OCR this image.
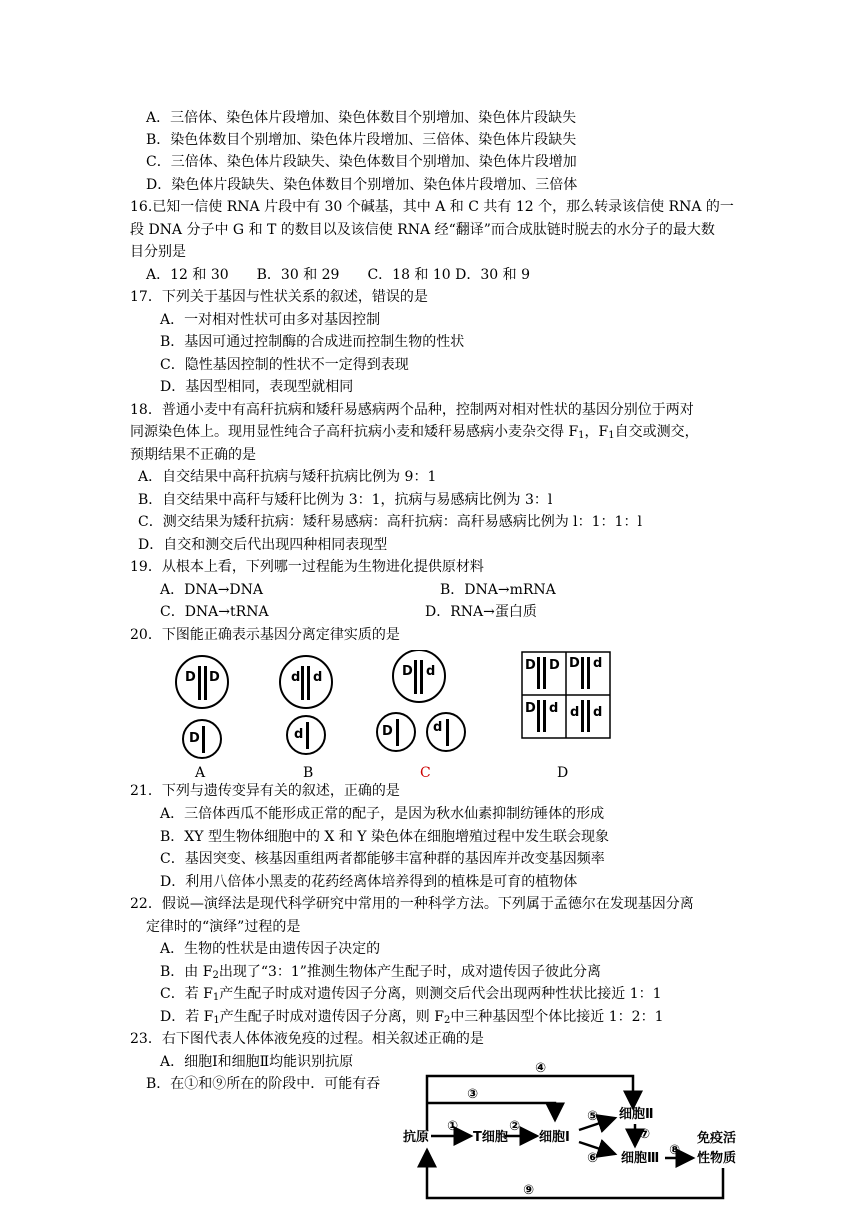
A．三倍体、染色体片段增加、染色体数目个别增加、染色体片段缺失
B．染色体数目个别增加、染色体片段增加、三倍体、染色体片段缺失
C．三倍体、染色体片段缺失、染色体数目个别增加、染色体片段增加
D．染色体片段缺失、染色体数目个别增加、染色体片段增加、三倍体
16.已知一信使 RNA 片段中有 30 个碱基，其中 A 和 C 共有 12 个，那么转录该信使 RNA 的一
段 DNA 分子中 G 和 T 的数目以及该信使 RNA 经“翻译”而合成肽链时脱去的水分子的最大数
目分别是
A．12 和 30　　B．30 和 29　　C．18 和 10 D．30 和 9
17．下列关于基因与性状关系的叙述，错误的是
A．一对相对性状可由多对基因控制
B．基因可通过控制酶的合成进而控制生物的性状
C．隐性基因控制的性状不一定得到表现
D．基因型相同，表现型就相同
18．普通小麦中有高秆抗病和矮秆易感病两个品种，控制两对相对性状的基因分别位于两对
同源染色体上。现用显性纯合子高秆抗病小麦和矮秆易感病小麦杂交得 $F_1$，$F_1$自交或测交，
预期结果不正确的是
A．自交结果中高秆抗病与矮秆抗病比例为 9：1
B．自交结果中高秆与矮秆比例为 3：1，抗病与易感病比例为 3：l
C．测交结果为矮秆抗病：矮秆易感病：高秆抗病：高秆易感病比例为 l：1：1：l
D．自交和测交后代出现四种相同表现型
19．从根本上看，下列哪一过程能为生物进化提供原材料
A．DNA→DNA	B．DNA→mRNA
C．DNA→tRNA	D．RNA→蛋白质
20．下图能正确表示基因分离定律实质的是
D D
D
d d
d
D d
D	d
D D D d
D d d d
A	B	C	D
21．下列与遗传变异有关的叙述，正确的是
A．三倍体西瓜不能形成正常的配子，是因为秋水仙素抑制纺锤体的形成
B．XY 型生物体细胞中的 X 和 Y 染色体在细胞增殖过程中发生联会现象
C．基因突变、核基因重组两者都能够丰富种群的基因库并改变基因频率
D．利用八倍体小黑麦的花药经离体培养得到的植株是可育的植物体
22．假说—演绎法是现代科学研究中常用的一种科学方法。下列属于孟德尔在发现基因分离
定律时的“演绎”过程的是
A．生物的性状是由遗传因子决定的
B．由 $F_2$出现了“3：1”推测生物体产生配子时，成对遗传因子彼此分离
C．若 $F_1$产生配子时成对遗传因子分离，则测交后代会出现两种性状比接近 1：1
D．若 $F_1$产生配子时成对遗传因子分离，则 $F_2$中三种基因型个体比接近 1：2：1
23．右下图代表人体体液免疫的过程。相关叙述正确的是
A．细胞Ⅰ和细胞Ⅱ均能识别抗原
B．在①和⑨所在的阶段中．可能有吞
抗原	T细胞 细胞Ⅰ
细胞Ⅱ
细胞Ⅲ
免疫活
性物质
①	②
③
④
⑤
⑥
⑦
⑧
⑨
